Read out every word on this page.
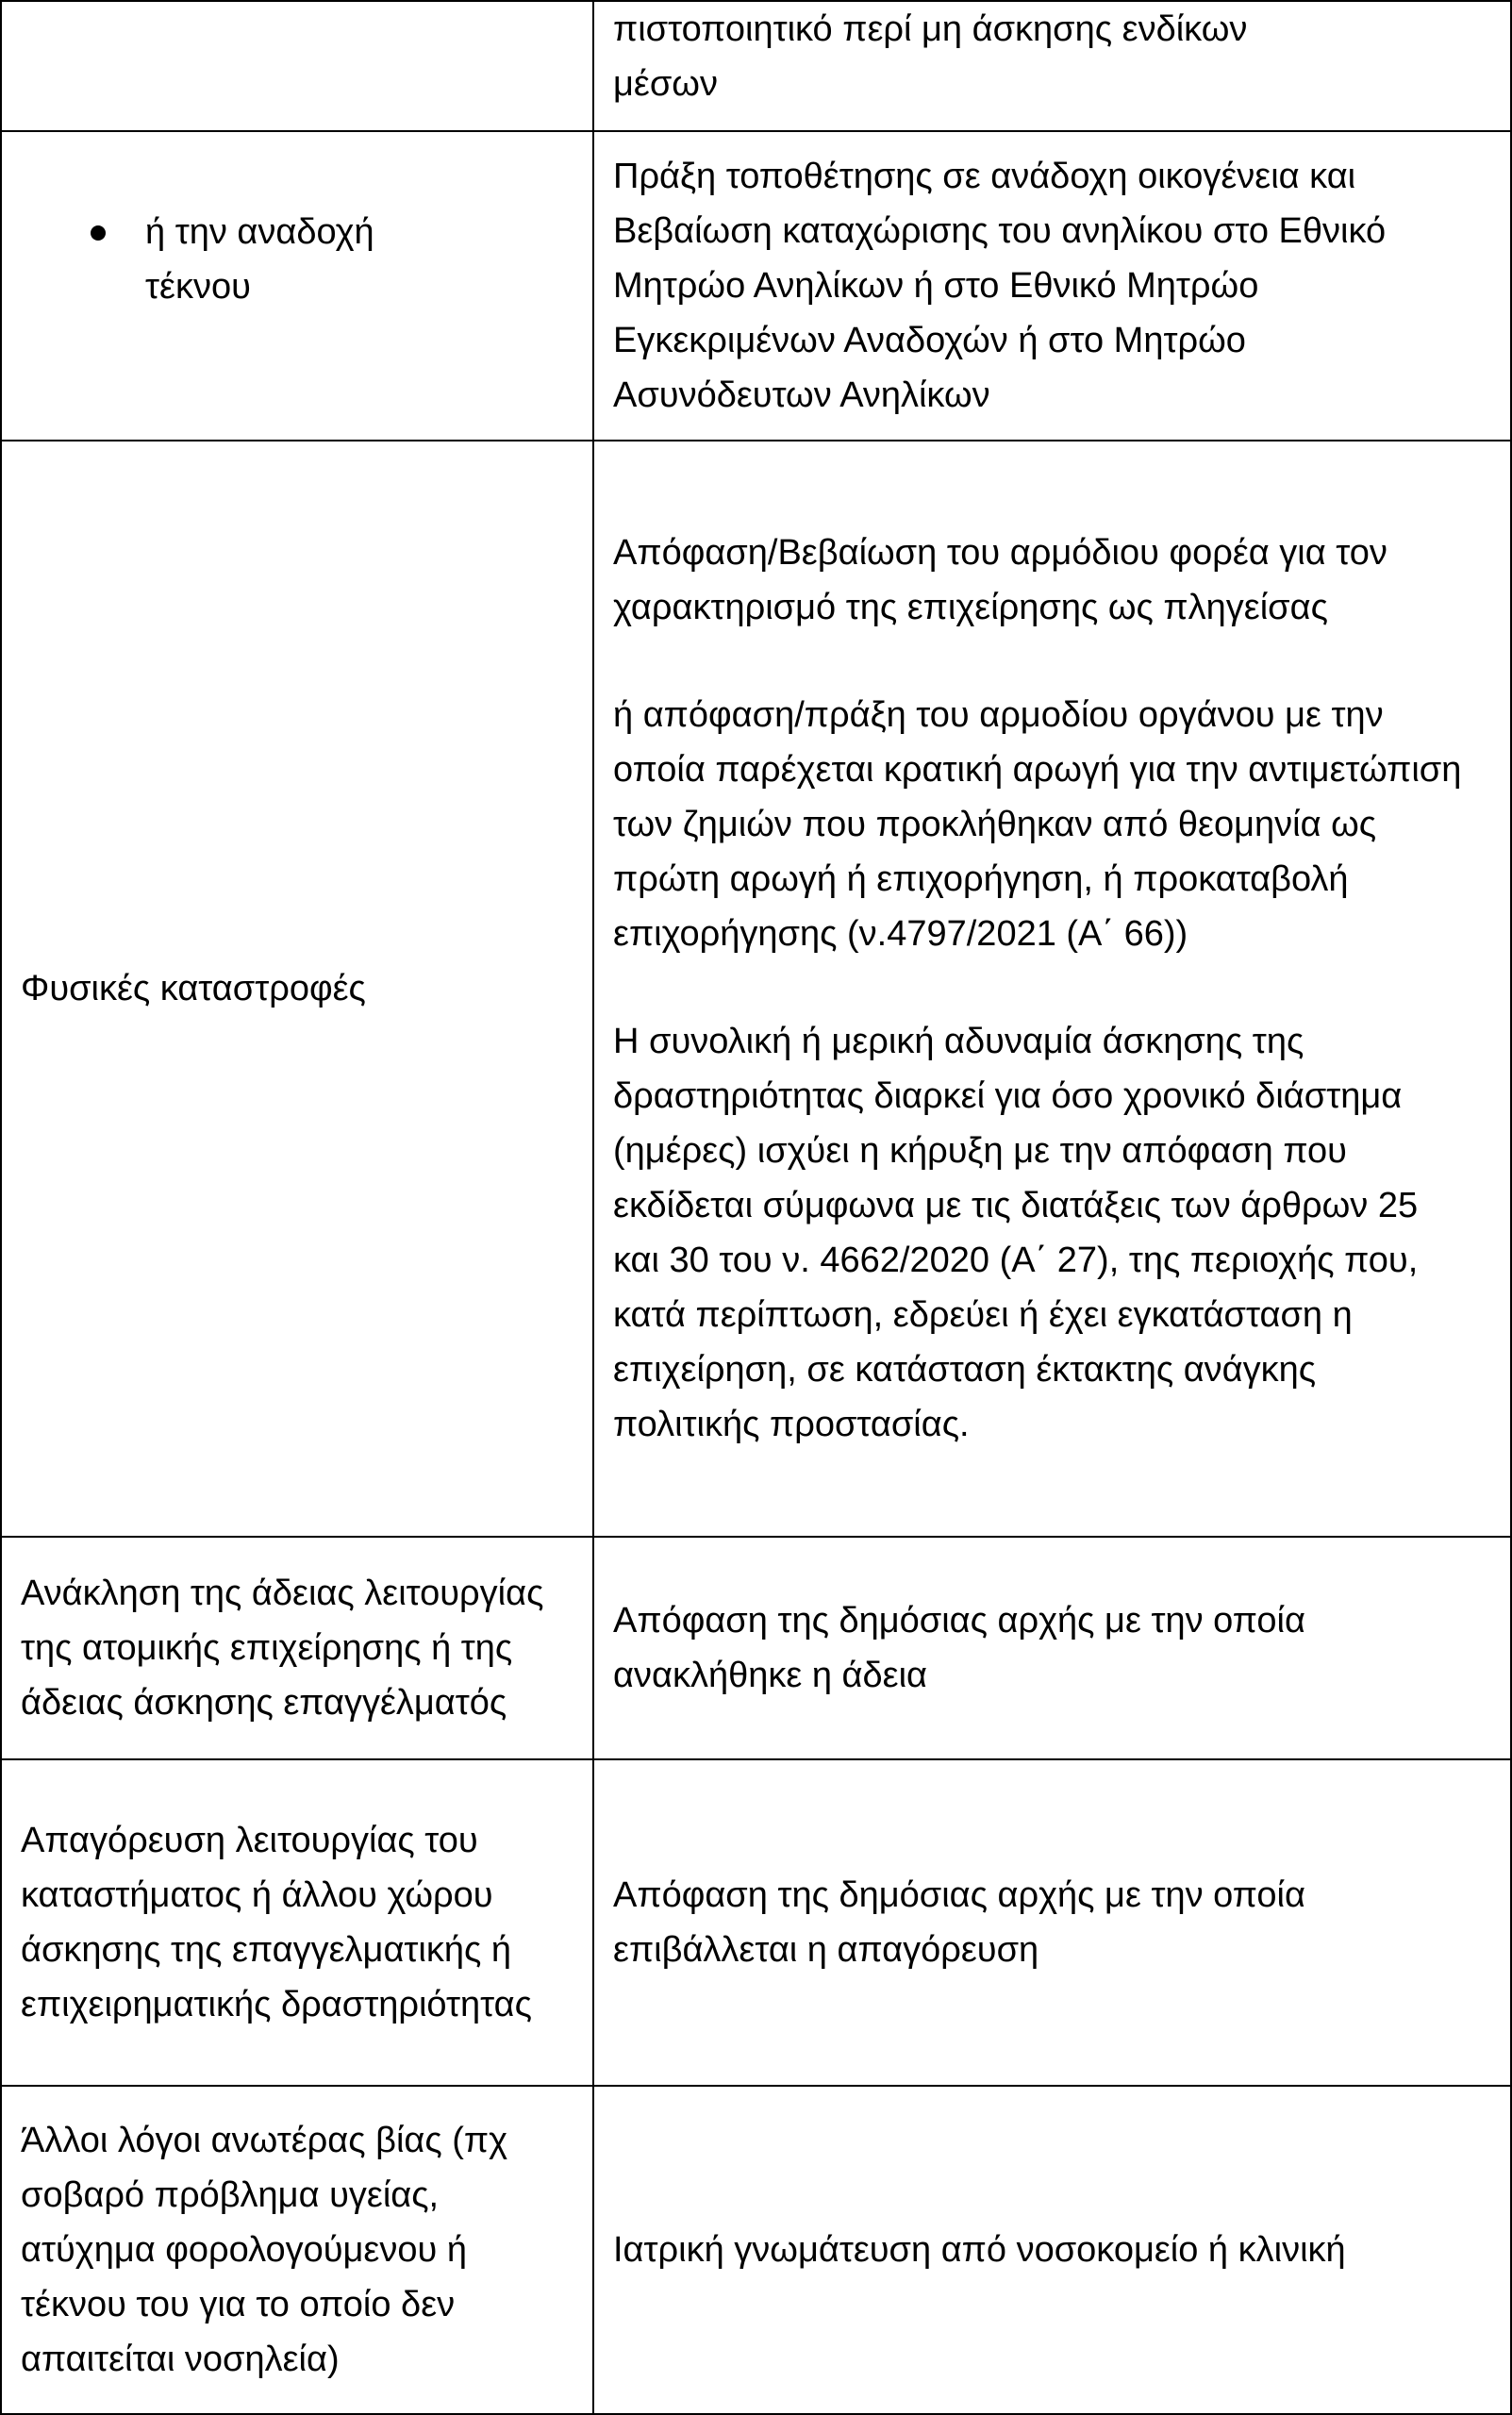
	πιστοποιητικό περί μη άσκησης ενδίκων μέσων

ή την αναδοχή τέκνου	Πράξη τοποθέτησης σε ανάδοχη οικογένεια και Βεβαίωση καταχώρισης του ανηλίκου στο Εθνικό Μητρώο Ανηλίκων ή στο Εθνικό Μητρώο Εγκεκριμένων Αναδοχών ή στο Μητρώο Ασυνόδευτων Ανηλίκων

Φυσικές καταστροφές	Απόφαση/Βεβαίωση του αρμόδιου φορέα για τον χαρακτηρισμό της επιχείρησης ως πληγείσας

ή απόφαση/πράξη του αρμοδίου οργάνου με την οποία παρέχεται κρατική αρωγή για την αντιμετώπιση των ζημιών που προκλήθηκαν από θεομηνία ως πρώτη αρωγή ή επιχορήγηση, ή προκαταβολή επιχορήγησης (ν.4797/2021 (Α΄ 66))

Η συνολική ή μερική αδυναμία άσκησης της δραστηριότητας διαρκεί για όσο χρονικό διάστημα (ημέρες) ισχύει η κήρυξη με την απόφαση που εκδίδεται σύμφωνα με τις διατάξεις των άρθρων 25 και 30 του ν. 4662/2020 (Α΄ 27), της περιοχής που, κατά περίπτωση, εδρεύει ή έχει εγκατάσταση η επιχείρηση, σε κατάσταση έκτακτης ανάγκης πολιτικής προστασίας.

Ανάκληση της άδειας λειτουργίας της ατομικής επιχείρησης ή της άδειας άσκησης επαγγέλματός	Απόφαση της δημόσιας αρχής με την οποία ανακλήθηκε η άδεια

Απαγόρευση λειτουργίας του καταστήματος ή άλλου χώρου άσκησης της επαγγελματικής ή επιχειρηματικής δραστηριότητας	Απόφαση της δημόσιας αρχής με την οποία επιβάλλεται η απαγόρευση

Άλλοι λόγοι ανωτέρας βίας (πχ σοβαρό πρόβλημα υγείας, ατύχημα φορολογούμενου ή τέκνου του για το οποίο δεν απαιτείται νοσηλεία)	Ιατρική γνωμάτευση από νοσοκομείο ή κλινική
